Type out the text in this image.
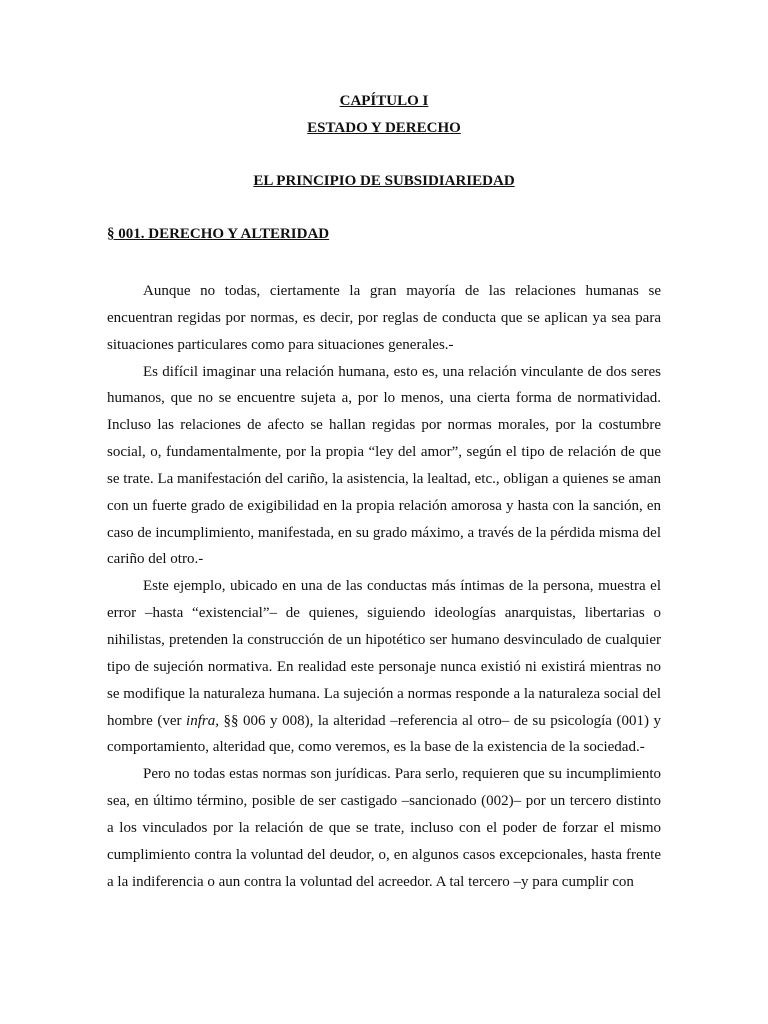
CAPÍTULO I
ESTADO Y DERECHO
EL PRINCIPIO DE SUBSIDIARIEDAD
§ 001. DERECHO Y ALTERIDAD

Aunque no todas, ciertamente la gran mayoría de las relaciones humanas se encuentran regidas por normas, es decir, por reglas de conducta que se aplican ya sea para situaciones particulares como para situaciones generales.-

Es difícil imaginar una relación humana, esto es, una relación vinculante de dos seres humanos, que no se encuentre sujeta a, por lo menos, una cierta forma de normatividad. Incluso las relaciones de afecto se hallan regidas por normas morales, por la costumbre social, o, fundamentalmente, por la propia “ley del amor”, según el tipo de relación de que se trate. La manifestación del cariño, la asistencia, la lealtad, etc., obligan a quienes se aman con un fuerte grado de exigibilidad en la propia relación amorosa y hasta con la sanción, en caso de incumplimiento, manifestada, en su grado máximo, a través de la pérdida misma del cariño del otro.-

Este ejemplo, ubicado en una de las conductas más íntimas de la persona, muestra el error –hasta “existencial”– de quienes, siguiendo ideologías anarquistas, libertarias o nihilistas, pretenden la construcción de un hipotético ser humano desvinculado de cualquier tipo de sujeción normativa. En realidad este personaje nunca existió ni existirá mientras no se modifique la naturaleza humana. La sujeción a normas responde a la naturaleza social del hombre (ver infra, §§ 006 y 008), la alteridad –referencia al otro– de su psicología (001) y comportamiento, alteridad que, como veremos, es la base de la existencia de la sociedad.-

Pero no todas estas normas son jurídicas. Para serlo, requieren que su incumplimiento sea, en último término, posible de ser castigado –sancionado (002)– por un tercero distinto a los vinculados por la relación de que se trate, incluso con el poder de forzar el mismo cumplimiento contra la voluntad del deudor, o, en algunos casos excepcionales, hasta frente a la indiferencia o aun contra la voluntad del acreedor. A tal tercero –y para cumplir con
